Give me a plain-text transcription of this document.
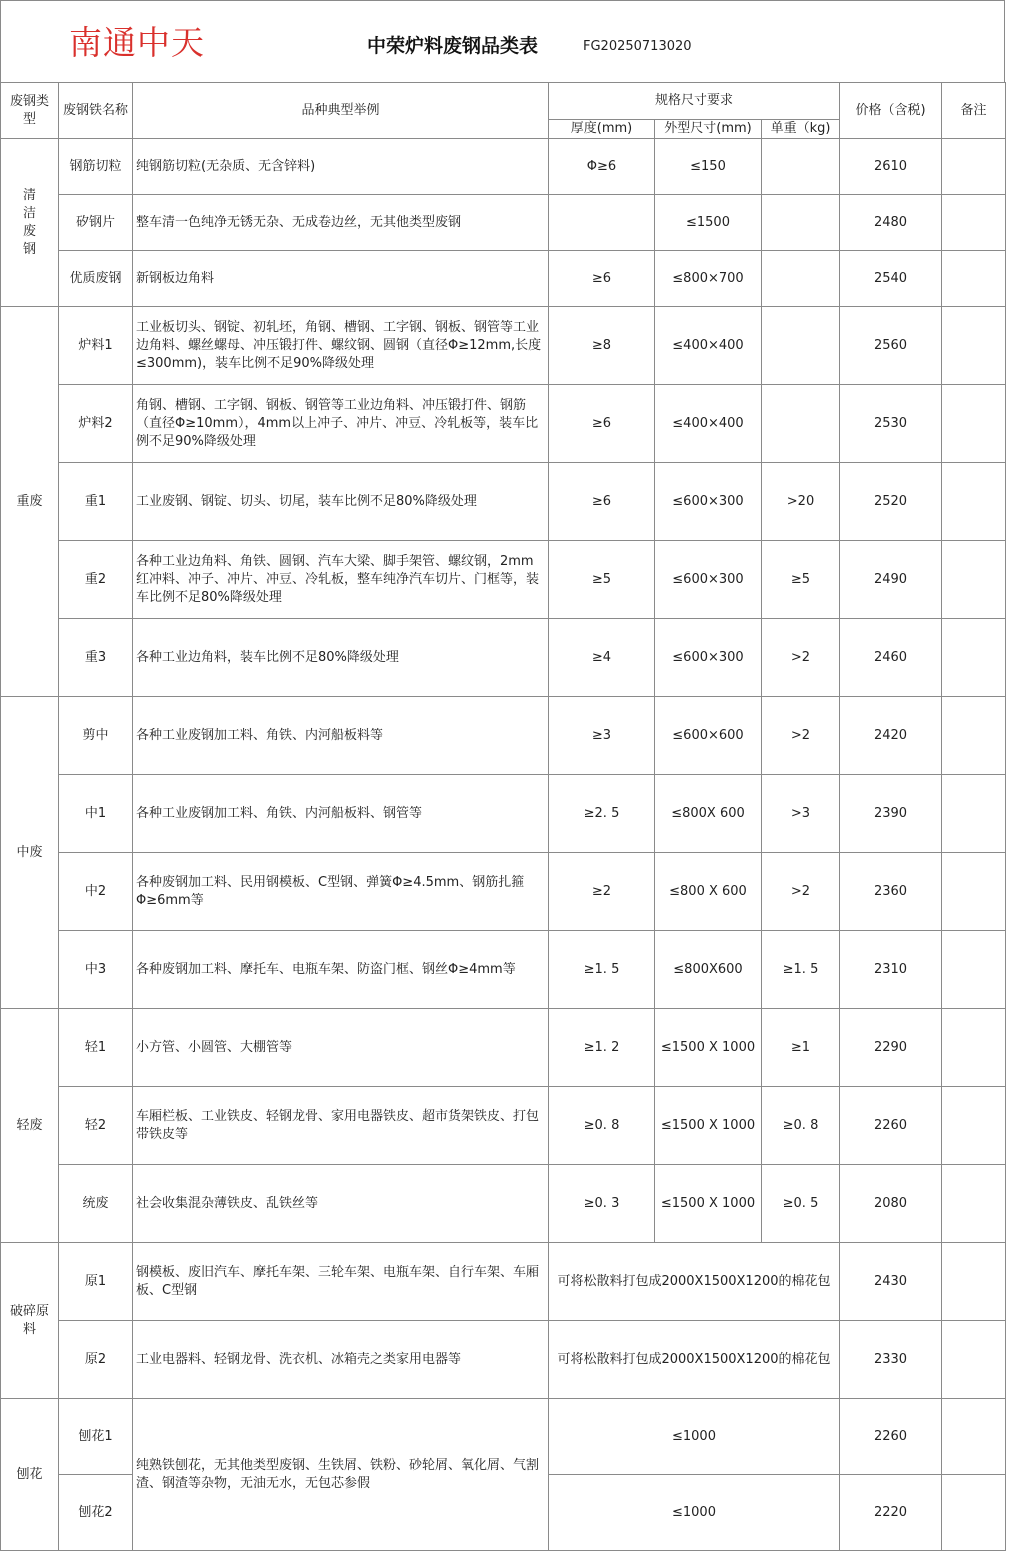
南通中天	中荣炉料废钢品类表	FG20250713020
废钢类型	废钢铁名称	品种典型举例	规格尺寸要求			价格（含税)	备注
			厚度(mm)	外型尺寸(mm)	单重（kg)		
清洁废钢	钢筋切粒	纯钢筋切粒(无杂质、无含锌料)	Φ≥6	≤150		2610	
	矽钢片	整车清一色纯净无锈无杂、无成卷边丝，无其他类型废钢		≤1500		2480	
	优质废钢	新钢板边角料	≥6	≤800×700		2540	
重废	炉料1	工业板切头、钢锭、初轧坯，角钢、槽钢、工字钢、钢板、钢管等工业边角料、螺丝螺母、冲压锻打件、螺纹钢、圆钢（直径Φ≥12mm,长度≤300mm)，装车比例不足90%降级处理	≥8	≤400×400		2560	
	炉料2	角钢、槽钢、工字钢、钢板、钢管等工业边角料、冲压锻打件、钢筋（直径Φ≥10mm），4mm以上冲子、冲片、冲豆、冷轧板等，装车比例不足90%降级处理	≥6	≤400×400		2530	
	重1	工业废钢、钢锭、切头、切尾，装车比例不足80%降级处理	≥6	≤600×300	>20	2520	
	重2	各种工业边角料、角铁、圆钢、汽车大梁、脚手架管、螺纹钢，2mm红冲料、冲子、冲片、冲豆、冷轧板，整车纯净汽车切片、门框等，装车比例不足80%降级处理	≥5	≤600×300	≥5	2490	
	重3	各种工业边角料，装车比例不足80%降级处理	≥4	≤600×300	>2	2460	
中废	剪中	各种工业废钢加工料、角铁、内河船板料等	≥3	≤600×600	>2	2420	
	中1	各种工业废钢加工料、角铁、内河船板料、钢管等	≥2. 5	≤800X 600	>3	2390	
	中2	各种废钢加工料、民用钢模板、C型钢、弹簧Φ≥4.5mm、钢筋扎箍Φ≥6mm等	≥2	≤800 X 600	>2	2360	
	中3	各种废钢加工料、摩托车、电瓶车架、防盗门框、钢丝Φ≥4mm等	≥1. 5	≤800X600	≥1. 5	2310	
轻废	轻1	小方管、小圆管、大棚管等	≥1. 2	≤1500 X 1000	≥1	2290	
	轻2	车厢栏板、工业铁皮、轻钢龙骨、家用电器铁皮、超市货架铁皮、打包带铁皮等	≥0. 8	≤1500 X 1000	≥0. 8	2260	
	统废	社会收集混杂薄铁皮、乱铁丝等	≥0. 3	≤1500 X 1000	≥0. 5	2080	
破碎原料	原1	钢模板、废旧汽车、摩托车架、三轮车架、电瓶车架、自行车架、车厢板、C型钢	可将松散料打包成2000X1500X1200的棉花包			2430	
	原2	工业电器料、轻钢龙骨、洗衣机、冰箱壳之类家用电器等	可将松散料打包成2000X1500X1200的棉花包			2330	
刨花	刨花1	纯熟铁刨花，无其他类型废钢、生铁屑、铁粉、砂轮屑、氧化屑、气割渣、钢渣等杂物，无油无水，无包芯参假	≤1000			2260	
	刨花2		≤1000			2220	
